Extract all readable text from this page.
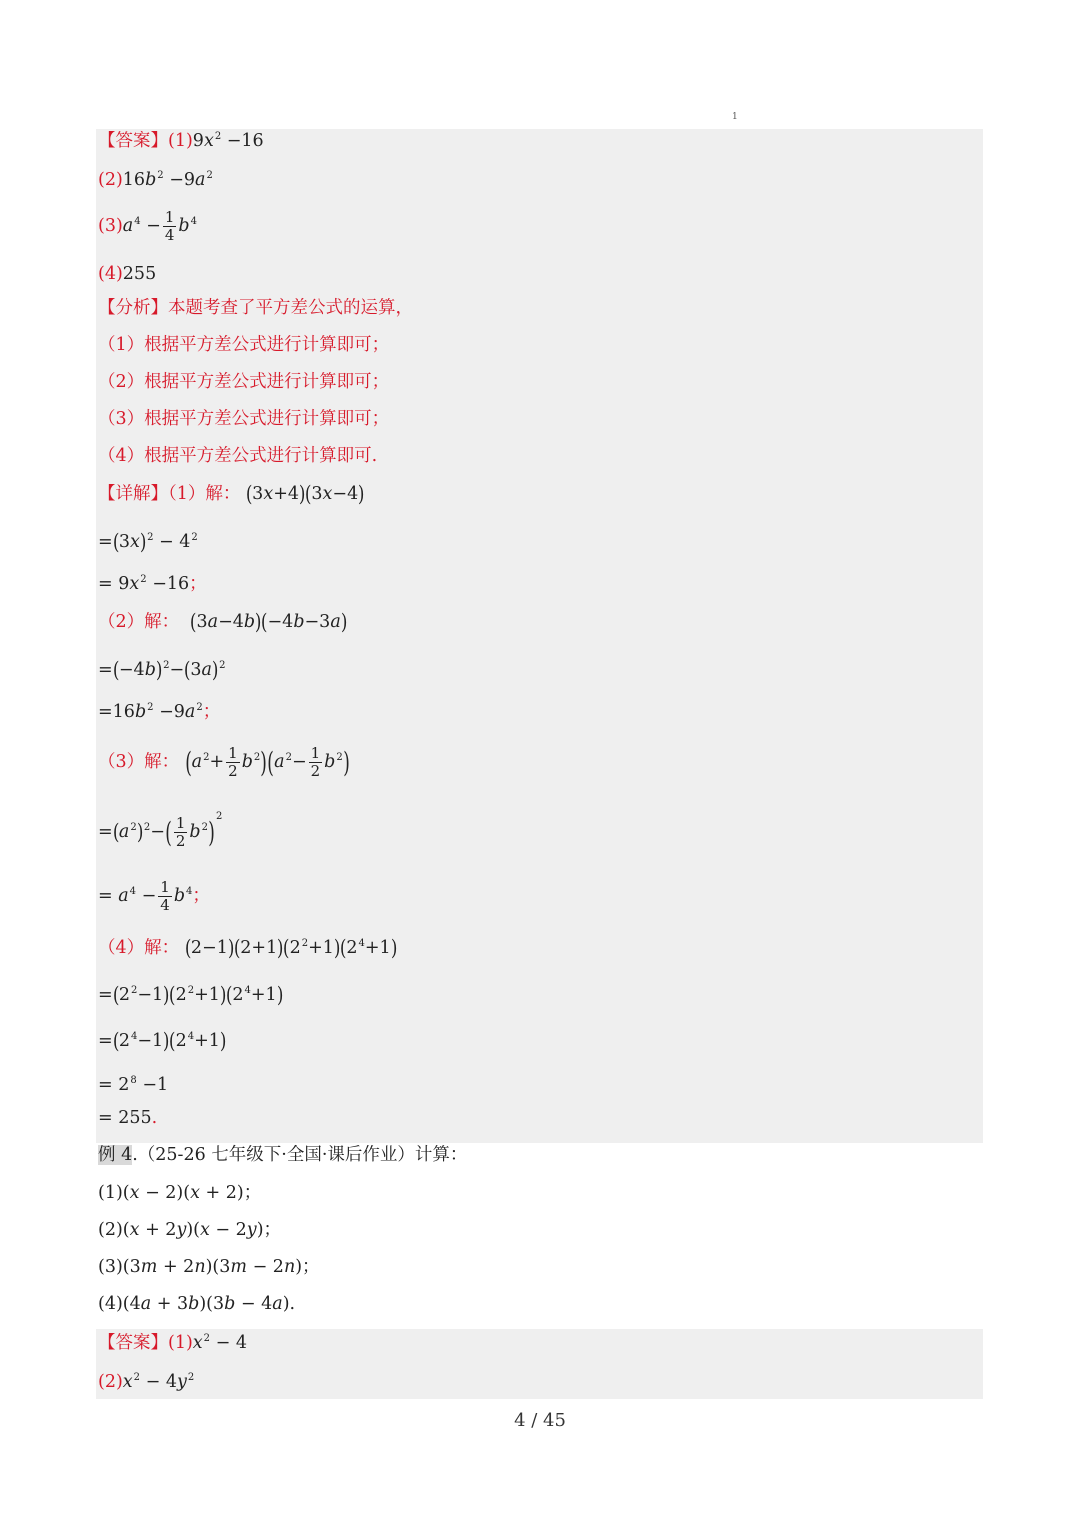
1
【答案】$(1)9x^2 -16$
$(2)16b^2 -9a^2$
$(3)a^4 - \frac{1}{4} b^4$
(4)255
【分析】本题考查了平方差公式的运算，
（1）根据平方差公式进行计算即可；
（2）根据平方差公式进行计算即可；
（3）根据平方差公式进行计算即可；
（4）根据平方差公式进行计算即可.
【详解】（1）解： (3x+4)(3x−4)
$=(3x)^2 - 4^2$
= $9x^2 -16$；
（2）解： (3a−4b)(−4b−3a)
$=(-4b)^2-(3a)^2$
$=16b^2 -9a^2$；
（3）解： $(a^2+ \frac{1}{2} b^2)(a^2- \frac{1}{2} b^2)$
$=(a^2)^2-( \frac{1}{2} b^2)^2$
= $a^4 - \frac{1}{4} b^4$；
（4）解： $(2-1)(2+1)(2^2+1)(2^4+1)$
$=(2^2-1)(2^2+1)(2^4+1)$
$=(2^4-1)(2^4+1)$
= $2^8 -1$
= 255.
例 4.（25-26 七年级下·全国·课后作业）计算：
(1)(x − 2)(x + 2)；
(2)(x + 2y)(x − 2y)；
(3)(3m + 2n)(3m − 2n)；
(4)(4a + 3b)(3b − 4a).
【答案】$(1)x^2 - 4$
$(2)x^2 - 4y^2$
4 / 45
